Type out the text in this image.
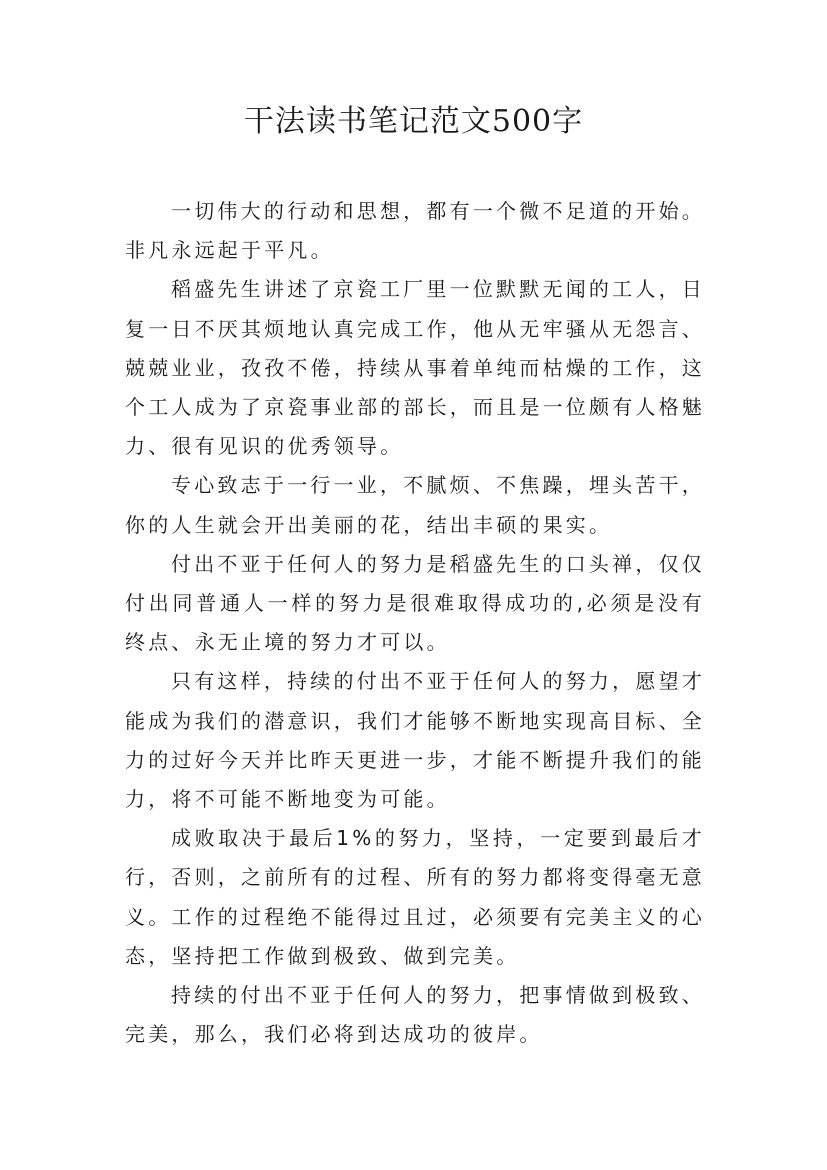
干法读书笔记范文500字

一切伟大的行动和思想，都有一个微不足道的开始。非凡永远起于平凡。

稻盛先生讲述了京瓷工厂里一位默默无闻的工人，日复一日不厌其烦地认真完成工作，他从无牢骚从无怨言、兢兢业业，孜孜不倦，持续从事着单纯而枯燥的工作，这个工人成为了京瓷事业部的部长，而且是一位颇有人格魅力、很有见识的优秀领导。

专心致志于一行一业，不腻烦、不焦躁，埋头苦干，你的人生就会开出美丽的花，结出丰硕的果实。

付出不亚于任何人的努力是稻盛先生的口头禅，仅仅付出同普通人一样的努力是很难取得成功的,必须是没有终点、永无止境的努力才可以。

只有这样，持续的付出不亚于任何人的努力，愿望才能成为我们的潜意识，我们才能够不断地实现高目标、全力的过好今天并比昨天更进一步，才能不断提升我们的能力，将不可能不断地变为可能。

成败取决于最后1%的努力，坚持，一定要到最后才行，否则，之前所有的过程、所有的努力都将变得毫无意义。工作的过程绝不能得过且过，必须要有完美主义的心态，坚持把工作做到极致、做到完美。

持续的付出不亚于任何人的努力，把事情做到极致、完美，那么，我们必将到达成功的彼岸。
